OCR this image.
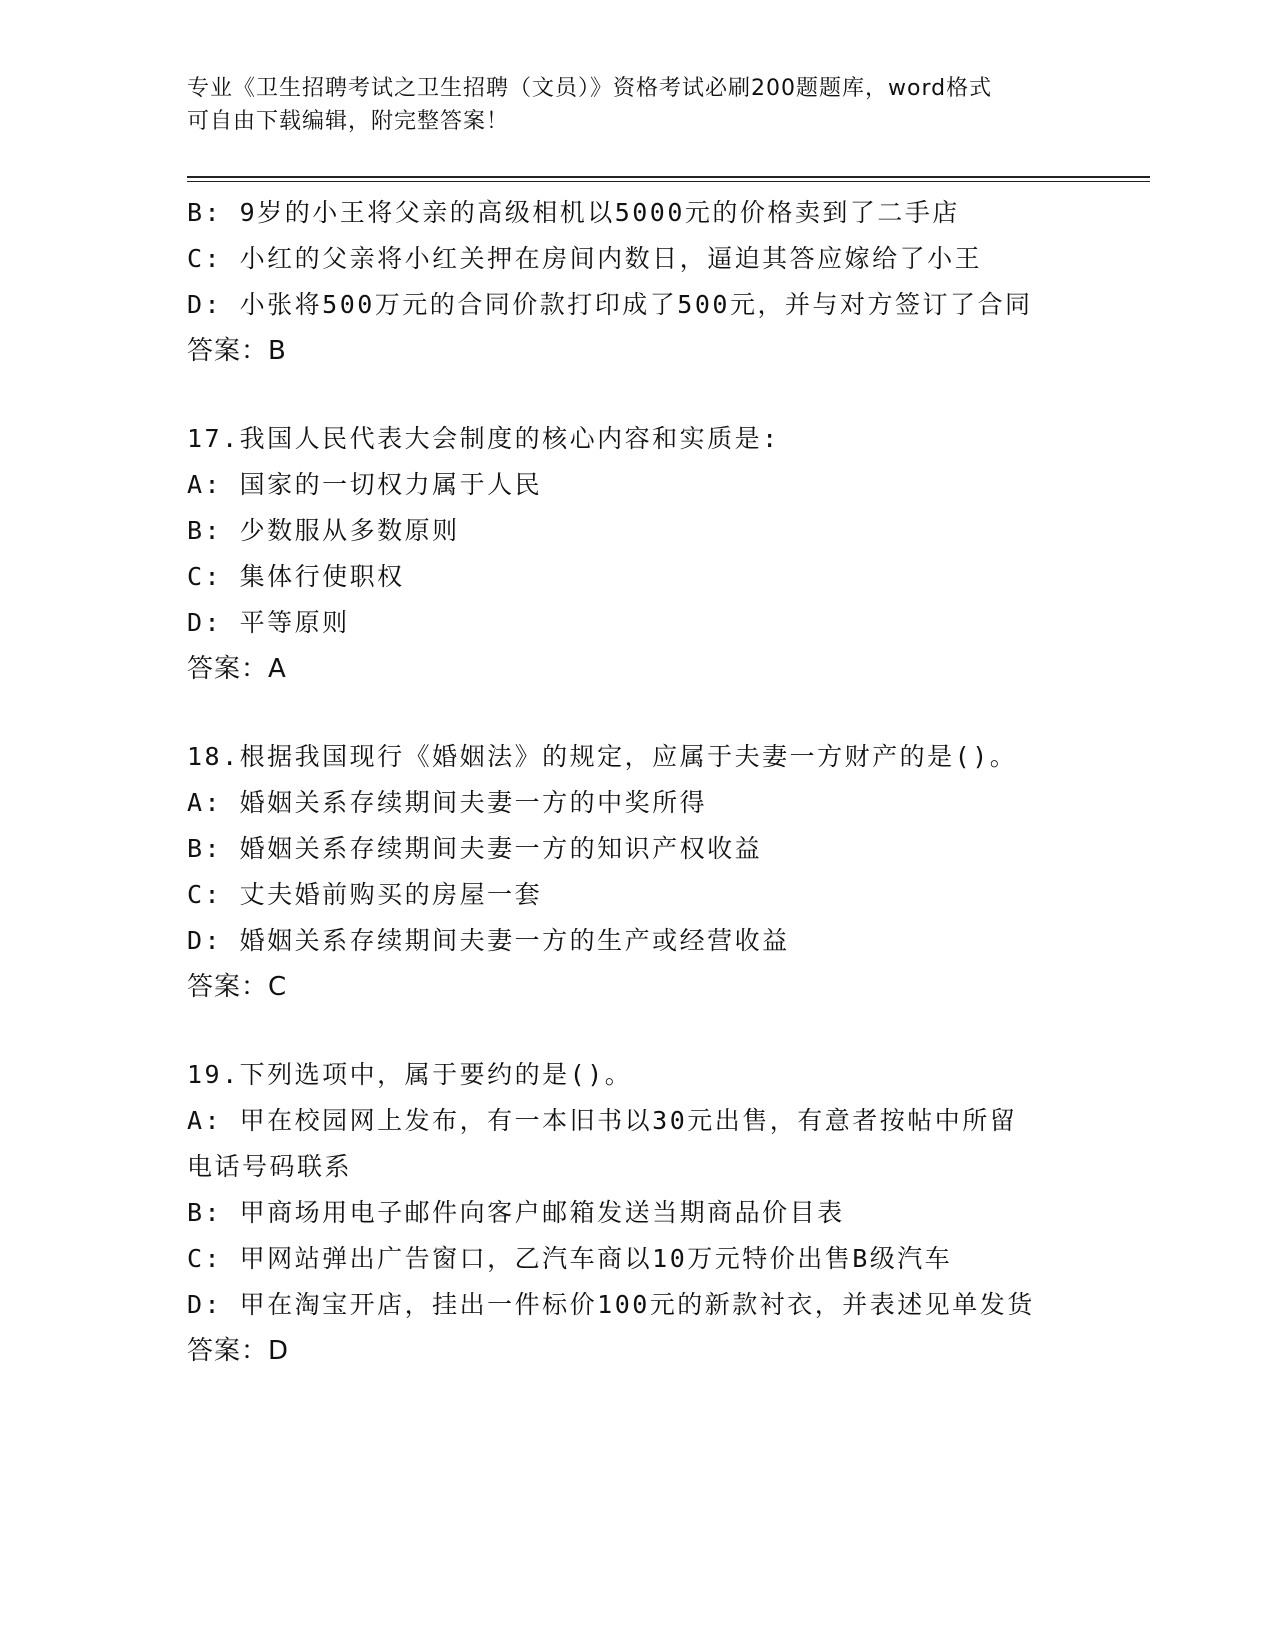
专业《卫生招聘考试之卫生招聘（文员）》资格考试必刷200题题库，word格式
可自由下载编辑，附完整答案！

B: 9岁的小王将父亲的高级相机以5000元的价格卖到了二手店

C: 小红的父亲将小红关押在房间内数日，逼迫其答应嫁给了小王

D: 小张将500万元的合同价款打印成了500元，并与对方签订了合同

答案：B

17.我国人民代表大会制度的核心内容和实质是:

A: 国家的一切权力属于人民

B: 少数服从多数原则

C: 集体行使职权

D: 平等原则

答案：A

18.根据我国现行《婚姻法》的规定，应属于夫妻一方财产的是()。

A: 婚姻关系存续期间夫妻一方的中奖所得

B: 婚姻关系存续期间夫妻一方的知识产权收益

C: 丈夫婚前购买的房屋一套

D: 婚姻关系存续期间夫妻一方的生产或经营收益

答案：C

19.下列选项中，属于要约的是()。

A: 甲在校园网上发布，有一本旧书以30元出售，有意者按帖中所留

电话号码联系

B: 甲商场用电子邮件向客户邮箱发送当期商品价目表

C: 甲网站弹出广告窗口，乙汽车商以10万元特价出售B级汽车

D: 甲在淘宝开店，挂出一件标价100元的新款衬衣，并表述见单发货

答案：D
